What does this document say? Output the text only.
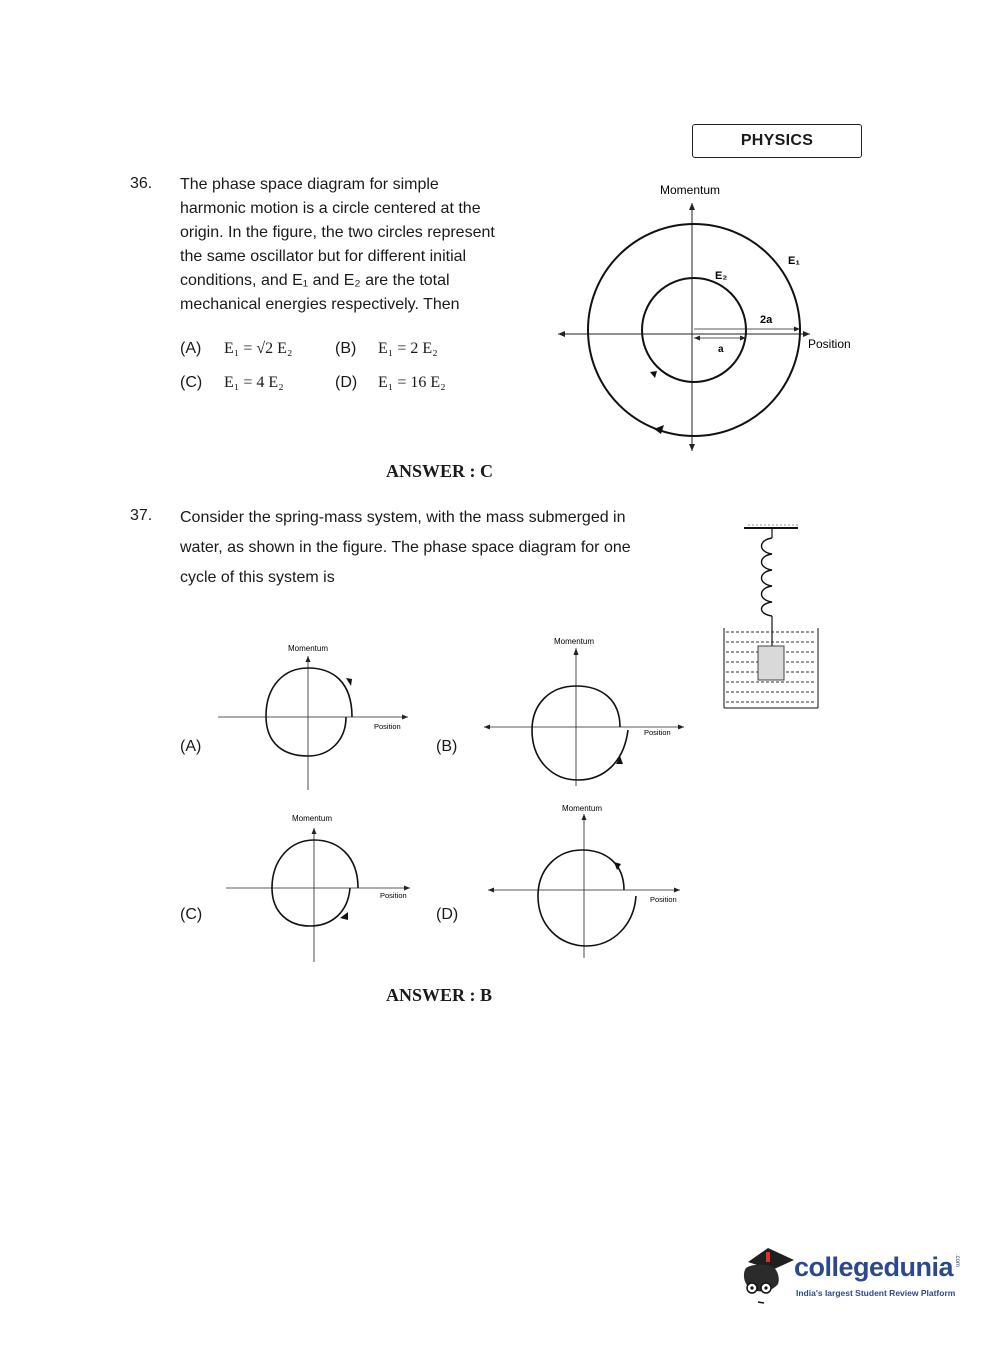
PHYSICS
36. The phase space diagram for simple
harmonic motion is a circle centered at the
origin. In the figure, the two circles represent
the same oscillator but for different initial
conditions, and E₁ and E₂ are the total
mechanical energies respectively. Then
(A) E₁ = √2 E₂	(B) E₁ = 2 E₂
(C) E₁ = 4 E₂	(D) E₁ = 16 E₂
Momentum
Position
E₁
E₂
2a
a
ANSWER : C
37. Consider the spring-mass system, with the mass submerged in
water, as shown in the figure. The phase space diagram for one
cycle of this system is
(A)	(B)
(C)	(D)
Momentum
Position
Momentum
Position
Momentum
Position
Momentum
Position
ANSWER : B
collegedunia .com
India's largest Student Review Platform
